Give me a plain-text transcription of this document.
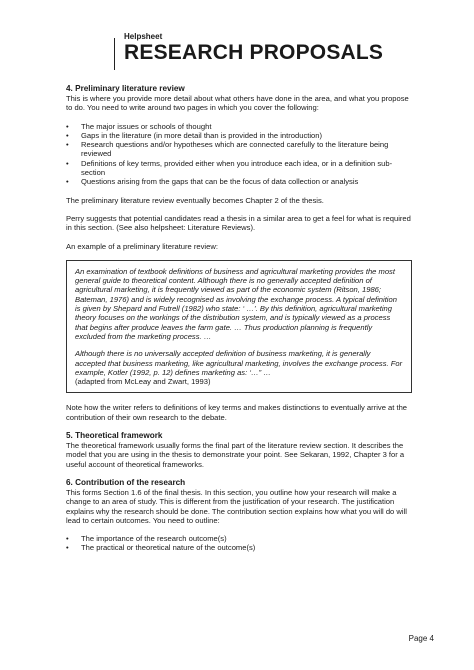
Helpsheet
RESEARCH PROPOSALS
4. Preliminary literature review

This is where you provide more detail about what others have done in the area, and what you propose to do. You need to write around two pages in which you cover the following:

• The major issues or schools of thought
• Gaps in the literature (in more detail than is provided in the introduction)
• Research questions and/or hypotheses which are connected carefully to the literature being reviewed
• Definitions of key terms, provided either when you introduce each idea, or in a definition sub-section
• Questions arising from the gaps that can be the focus of data collection or analysis

The preliminary literature review eventually becomes Chapter 2 of the thesis.

Perry suggests that potential candidates read a thesis in a similar area to get a feel for what is required in this section. (See also helpsheet: Literature Reviews).

An example of a preliminary literature review:

An examination of textbook definitions of business and agricultural marketing provides the most general guide to theoretical content. Although there is no generally accepted definition of agricultural marketing, it is frequently viewed as part of the economic system (Ritson, 1986; Bateman, 1976) and is widely recognised as involving the exchange process. A typical definition is given by Shepard and Futrell (1982) who state: ‘ …’. By this definition, agricultural marketing theory focuses on the workings of the distribution system, and is typically viewed as a process that begins after produce leaves the farm gate. … Thus production planning is frequently excluded from the marketing process. …

Although there is no universally accepted definition of business marketing, it is generally accepted that business marketing, like agricultural marketing, involves the exchange process. For example, Kotler (1992, p. 12) defines marketing as: ‘…” …
(adapted from McLeay and Zwart, 1993)

Note how the writer refers to definitions of key terms and makes distinctions to eventually arrive at the contribution of their own research to the debate.

5. Theoretical framework

The theoretical framework usually forms the final part of the literature review section. It describes the model that you are using in the thesis to demonstrate your point. See Sekaran, 1992, Chapter 3 for a useful account of theoretical frameworks.

6. Contribution of the research

This forms Section 1.6 of the final thesis. In this section, you outline how your research will make a change to an area of study. This is different from the justification of your research. The justification explains why the research should be done. The contribution section explains how what you will do will lead to certain outcomes. You need to outline:

• The importance of the research outcome(s)
• The practical or theoretical nature of the outcome(s)
Page 4
